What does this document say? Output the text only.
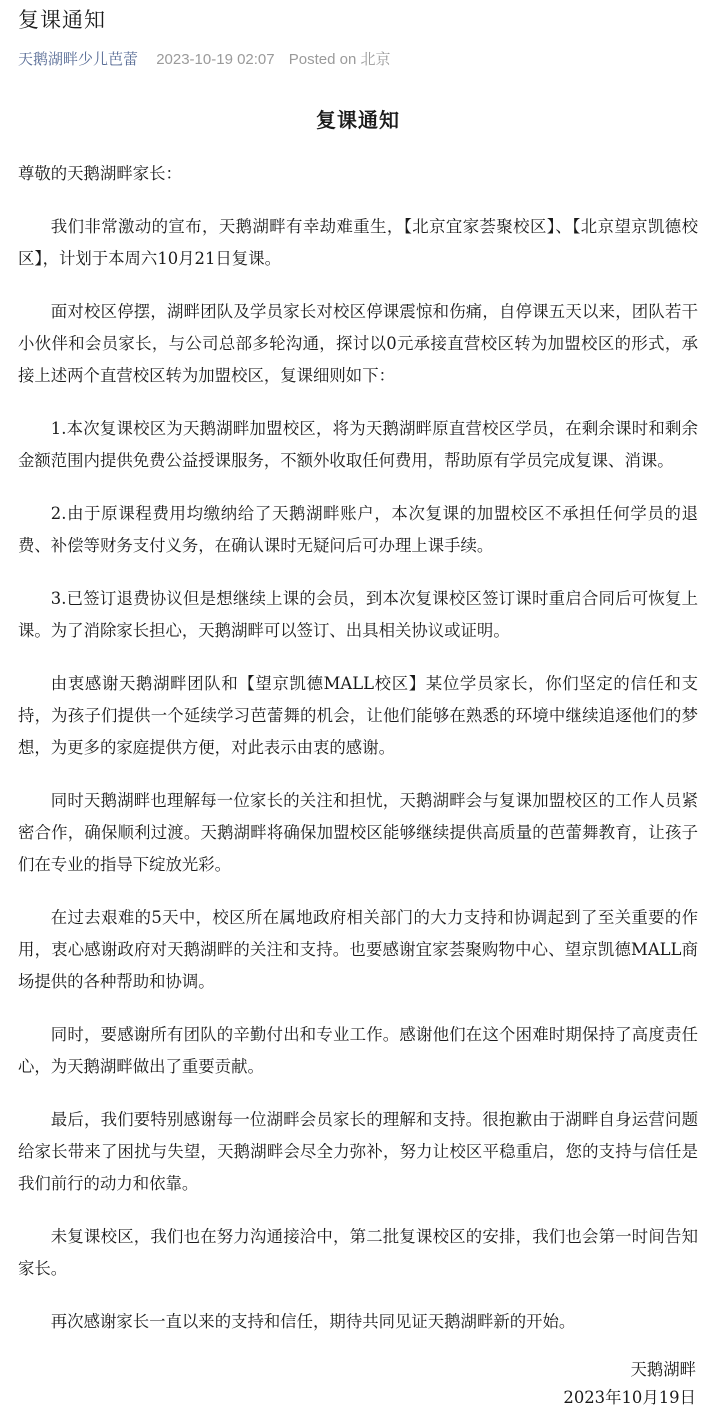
复课通知
天鹅湖畔少儿芭蕾 2023-10-19 02:07 Posted on 北京
复课通知

尊敬的天鹅湖畔家长：

我们非常激动的宣布，天鹅湖畔有幸劫难重生，【北京宜家荟聚校区】、【北京望京凯德校区】，计划于本周六10月21日复课。

面对校区停摆，湖畔团队及学员家长对校区停课震惊和伤痛，自停课五天以来，团队若干小伙伴和会员家长，与公司总部多轮沟通，探讨以0元承接直营校区转为加盟校区的形式，承接上述两个直营校区转为加盟校区，复课细则如下：

1.本次复课校区为天鹅湖畔加盟校区，将为天鹅湖畔原直营校区学员，在剩余课时和剩余金额范围内提供免费公益授课服务，不额外收取任何费用，帮助原有学员完成复课、消课。

2.由于原课程费用均缴纳给了天鹅湖畔账户，本次复课的加盟校区不承担任何学员的退费、补偿等财务支付义务，在确认课时无疑问后可办理上课手续。

3.已签订退费协议但是想继续上课的会员，到本次复课校区签订课时重启合同后可恢复上课。为了消除家长担心，天鹅湖畔可以签订、出具相关协议或证明。

由衷感谢天鹅湖畔团队和【望京凯德MALL校区】某位学员家长，你们坚定的信任和支持，为孩子们提供一个延续学习芭蕾舞的机会，让他们能够在熟悉的环境中继续追逐他们的梦想，为更多的家庭提供方便，对此表示由衷的感谢。

同时天鹅湖畔也理解每一位家长的关注和担忧，天鹅湖畔会与复课加盟校区的工作人员紧密合作，确保顺利过渡。天鹅湖畔将确保加盟校区能够继续提供高质量的芭蕾舞教育，让孩子们在专业的指导下绽放光彩。

在过去艰难的5天中，校区所在属地政府相关部门的大力支持和协调起到了至关重要的作用，衷心感谢政府对天鹅湖畔的关注和支持。也要感谢宜家荟聚购物中心、望京凯德MALL商场提供的各种帮助和协调。

同时，要感谢所有团队的辛勤付出和专业工作。感谢他们在这个困难时期保持了高度责任心，为天鹅湖畔做出了重要贡献。

最后，我们要特别感谢每一位湖畔会员家长的理解和支持。很抱歉由于湖畔自身运营问题给家长带来了困扰与失望，天鹅湖畔会尽全力弥补，努力让校区平稳重启，您的支持与信任是我们前行的动力和依靠。

未复课校区，我们也在努力沟通接洽中，第二批复课校区的安排，我们也会第一时间告知家长。

再次感谢家长一直以来的支持和信任，期待共同见证天鹅湖畔新的开始。

天鹅湖畔
2023年10月19日
